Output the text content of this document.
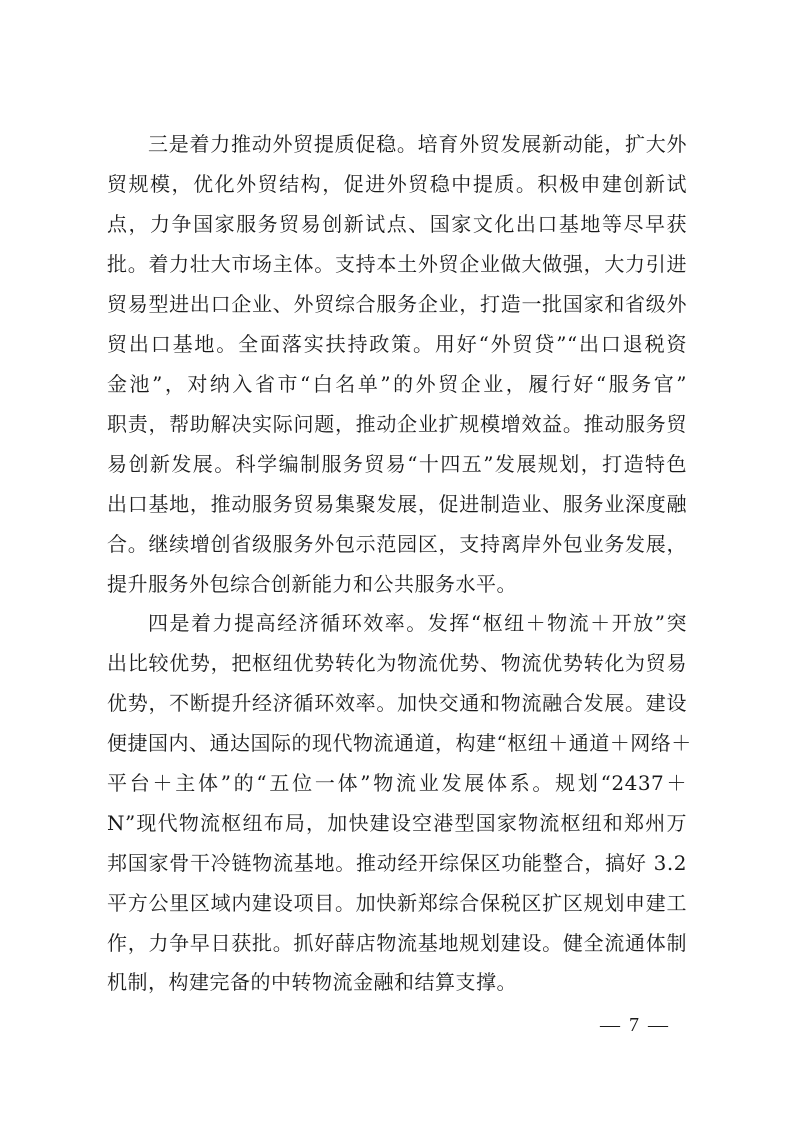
三是着力推动外贸提质促稳。培育外贸发展新动能，扩大外
贸规模，优化外贸结构，促进外贸稳中提质。积极申建创新试
点，力争国家服务贸易创新试点、国家文化出口基地等尽早获
批。着力壮大市场主体。支持本土外贸企业做大做强，大力引进
贸易型进出口企业、外贸综合服务企业，打造一批国家和省级外
贸出口基地。全面落实扶持政策。用好“外贸贷”“出口退税资
金池”，对纳入省市“白名单”的外贸企业，履行好“服务官”
职责，帮助解决实际问题，推动企业扩规模增效益。推动服务贸
易创新发展。科学编制服务贸易“十四五”发展规划，打造特色
出口基地，推动服务贸易集聚发展，促进制造业、服务业深度融
合。继续增创省级服务外包示范园区，支持离岸外包业务发展，
提升服务外包综合创新能力和公共服务水平。
四是着力提高经济循环效率。发挥“枢纽＋物流＋开放”突
出比较优势，把枢纽优势转化为物流优势、物流优势转化为贸易
优势，不断提升经济循环效率。加快交通和物流融合发展。建设
便捷国内、通达国际的现代物流通道，构建“枢纽＋通道＋网络＋
平台＋主体”的“五位一体”物流业发展体系。规划“2437＋
N”现代物流枢纽布局，加快建设空港型国家物流枢纽和郑州万
邦国家骨干冷链物流基地。推动经开综保区功能整合，搞好 3.2
平方公里区域内建设项目。加快新郑综合保税区扩区规划申建工
作，力争早日获批。抓好薛店物流基地规划建设。健全流通体制
机制，构建完备的中转物流金融和结算支撑。
— 7 —
